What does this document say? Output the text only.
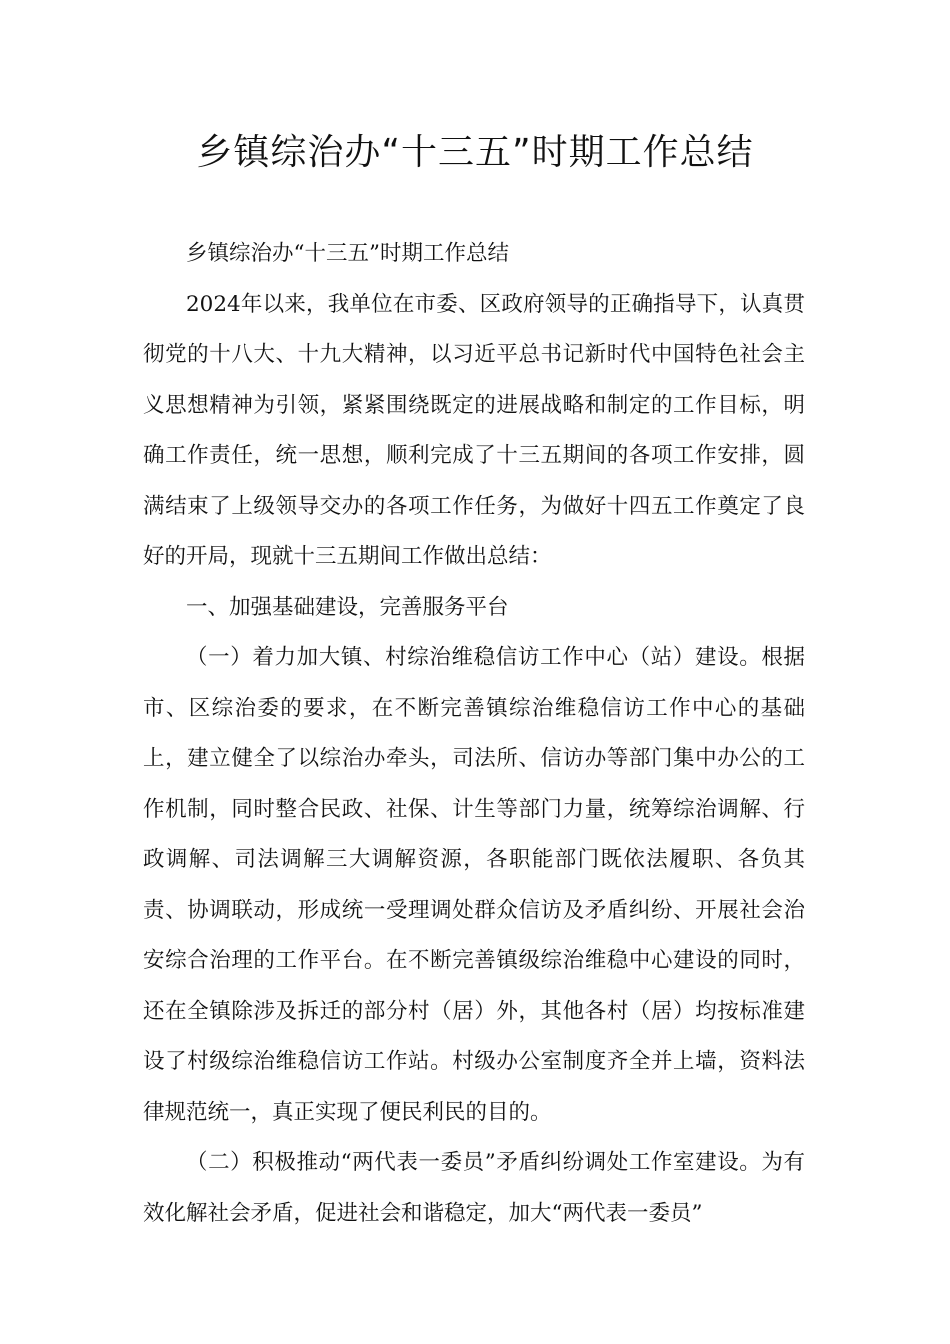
乡镇综治办“十三五”时期工作总结

乡镇综治办“十三五”时期工作总结

2024年以来，我单位在市委、区政府领导的正确指导下，认真贯彻党的十八大、十九大精神，以习近平总书记新时代中国特色社会主义思想精神为引领，紧紧围绕既定的进展战略和制定的工作目标，明确工作责任，统一思想，顺利完成了十三五期间的各项工作安排，圆满结束了上级领导交办的各项工作任务，为做好十四五工作奠定了良好的开局，现就十三五期间工作做出总结：

一、加强基础建设，完善服务平台

（一）着力加大镇、村综治维稳信访工作中心（站）建设。根据市、区综治委的要求，在不断完善镇综治维稳信访工作中心的基础上，建立健全了以综治办牵头，司法所、信访办等部门集中办公的工作机制，同时整合民政、社保、计生等部门力量，统筹综治调解、行政调解、司法调解三大调解资源，各职能部门既依法履职、各负其责、协调联动，形成统一受理调处群众信访及矛盾纠纷、开展社会治安综合治理的工作平台。在不断完善镇级综治维稳中心建设的同时，还在全镇除涉及拆迁的部分村（居）外，其他各村（居）均按标准建设了村级综治维稳信访工作站。村级办公室制度齐全并上墙，资料法律规范统一，真正实现了便民利民的目的。

（二）积极推动“两代表一委员”矛盾纠纷调处工作室建设。为有效化解社会矛盾，促进社会和谐稳定，加大“两代表一委员”
